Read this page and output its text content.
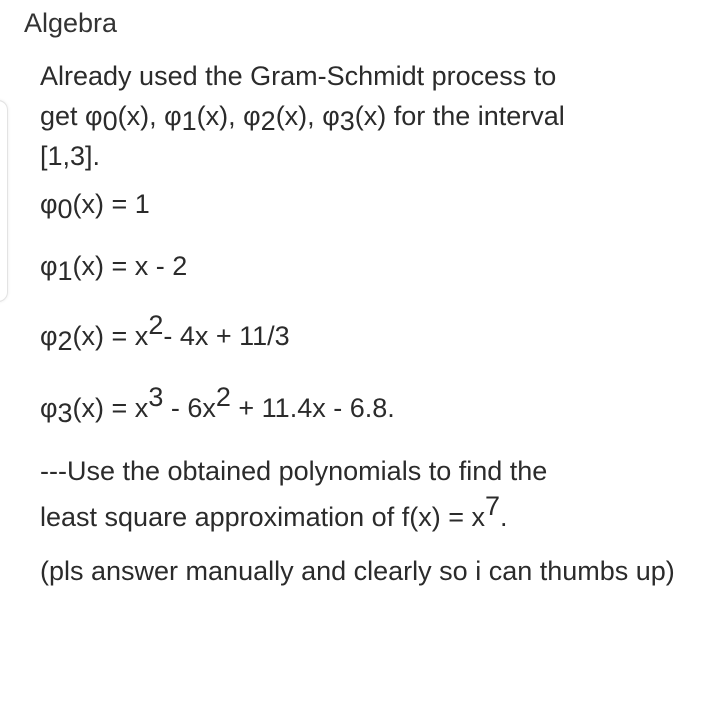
Algebra

Already used the Gram-Schmidt process to
get $\varphi_0(x)$, $\varphi_1(x)$, $\varphi_2(x)$, $\varphi_3(x)$ for the interval
[1,3].

$\varphi_0(x) = 1$

$\varphi_1(x) = x - 2$

$\varphi_2(x) = x^2-$ 4x + 11/3

$\varphi_3(x) = x^3 - 6x^2 + 11.4x - 6.8$.

---Use the obtained polynomials to find the
least square approximation of $f(x) = x^7$.

(pls answer manually and clearly so i can thumbs up)
